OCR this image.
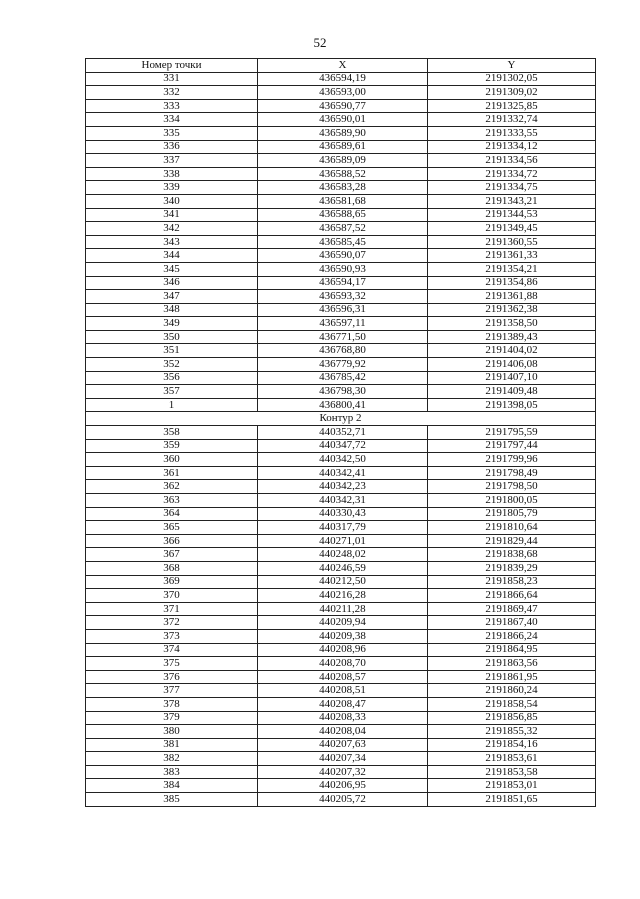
52
Номер точки	X	Y
331	436594,19	2191302,05
332	436593,00	2191309,02
333	436590,77	2191325,85
334	436590,01	2191332,74
335	436589,90	2191333,55
336	436589,61	2191334,12
337	436589,09	2191334,56
338	436588,52	2191334,72
339	436583,28	2191334,75
340	436581,68	2191343,21
341	436588,65	2191344,53
342	436587,52	2191349,45
343	436585,45	2191360,55
344	436590,07	2191361,33
345	436590,93	2191354,21
346	436594,17	2191354,86
347	436593,32	2191361,88
348	436596,31	2191362,38
349	436597,11	2191358,50
350	436771,50	2191389,43
351	436768,80	2191404,02
352	436779,92	2191406,08
356	436785,42	2191407,10
357	436798,30	2191409,48
1	436800,41	2191398,05
Контур 2		
358	440352,71	2191795,59
359	440347,72	2191797,44
360	440342,50	2191799,96
361	440342,41	2191798,49
362	440342,23	2191798,50
363	440342,31	2191800,05
364	440330,43	2191805,79
365	440317,79	2191810,64
366	440271,01	2191829,44
367	440248,02	2191838,68
368	440246,59	2191839,29
369	440212,50	2191858,23
370	440216,28	2191866,64
371	440211,28	2191869,47
372	440209,94	2191867,40
373	440209,38	2191866,24
374	440208,96	2191864,95
375	440208,70	2191863,56
376	440208,57	2191861,95
377	440208,51	2191860,24
378	440208,47	2191858,54
379	440208,33	2191856,85
380	440208,04	2191855,32
381	440207,63	2191854,16
382	440207,34	2191853,61
383	440207,32	2191853,58
384	440206,95	2191853,01
385	440205,72	2191851,65
